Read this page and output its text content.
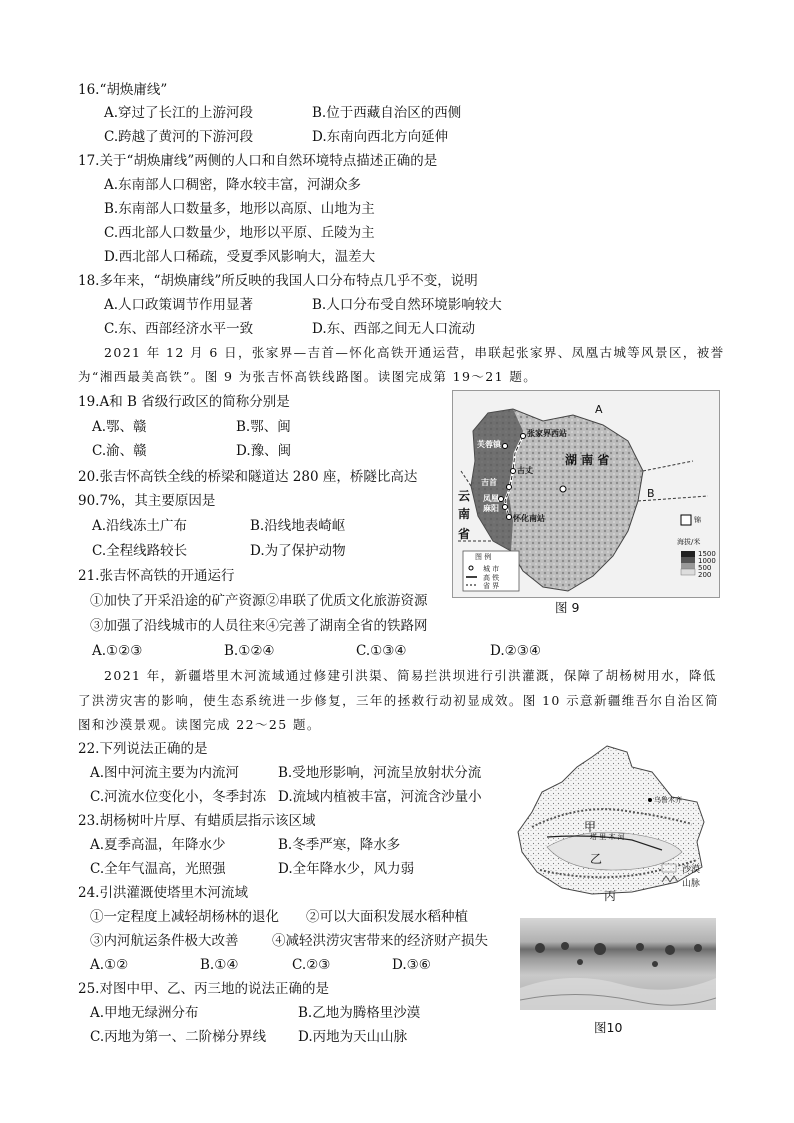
16.“胡焕庸线”
A.穿过了长江的上游河段	B.位于西藏自治区的西侧
C.跨越了黄河的下游河段	D.东南向西北方向延伸
17.关于“胡焕庸线”两侧的人口和自然环境特点描述正确的是
A.东南部人口稠密，降水较丰富，河湖众多
B.东南部人口数量多，地形以高原、山地为主
C.西北部人口数量少，地形以平原、丘陵为主
D.西北部人口稀疏，受夏季风影响大，温差大
18.多年来，“胡焕庸线”所反映的我国人口分布特点几乎不变，说明
A.人口政策调节作用显著	B.人口分布受自然环境影响较大
C.东、西部经济水平一致	D.东、西部之间无人口流动
2021 年 12 月 6 日，张家界—吉首—怀化高铁开通运营，串联起张家界、凤凰古城等风景区，被誉
为“湘西最美高铁”。图 9 为张吉怀高铁线路图。读图完成第 19～21 题。
19.A和 B 省级行政区的简称分别是
A.鄂、赣	B.鄂、闽
C.渝、赣	D.豫、闽
20.张吉怀高铁全线的桥梁和隧道达 280 座，桥隧比高达
90.7%，其主要原因是
A.沿线冻土广布	B.沿线地表崎岖
C.全程线路较长	D.为了保护动物
21.张吉怀高铁的开通运行
①加快了开采沿途的矿产资源②串联了优质文化旅游资源
③加强了沿线城市的人员往来④完善了湖南全省的铁路网
A.①②③	B.①②④	C.①③④	D.②③④
A
B
云
南
省
湖 南 省
张家界西站
芙蓉镇
古丈
吉首
凤凰
麻阳
怀化南站
图 例
城 市
高 铁
省 界
锦
海拔/米
1500
1000
500
200
图 9
2021 年，新疆塔里木河流域通过修建引洪渠、简易拦洪坝进行引洪灌溉，保障了胡杨树用水，降低
了洪涝灾害的影响，使生态系统进一步修复，三年的拯救行动初显成效。图 10 示意新疆维吾尔自治区简
图和沙漠景观。读图完成 22～25 题。
22.下列说法正确的是
A.图中河流主要为内流河	B.受地形影响，河流呈放射状分流
C.河流水位变化小，冬季封冻 D.流域内植被丰富，河流含沙量小
23.胡杨树叶片厚、有蜡质层指示该区域
A.夏季高温，年降水少	B.冬季严寒，降水多
C.全年气温高，光照强	D.全年降水少，风力弱
24.引洪灌溉使塔里木河流域
①一定程度上减轻胡杨林的退化 ②可以大面积发展水稻种植
③内河航运条件极大改善 ④减轻洪涝灾害带来的经济财产损失
A.①②	B.①④	C.②③	D.③⑥
25.对图中甲、乙、丙三地的说法正确的是
A.甲地无绿洲分布	B.乙地为腾格里沙漠
C.丙地为第一、二阶梯分界线 D.丙地为天山山脉
乌鲁木齐
甲
乙
丙
塔 里 木 河
沙漠
山脉
图10
